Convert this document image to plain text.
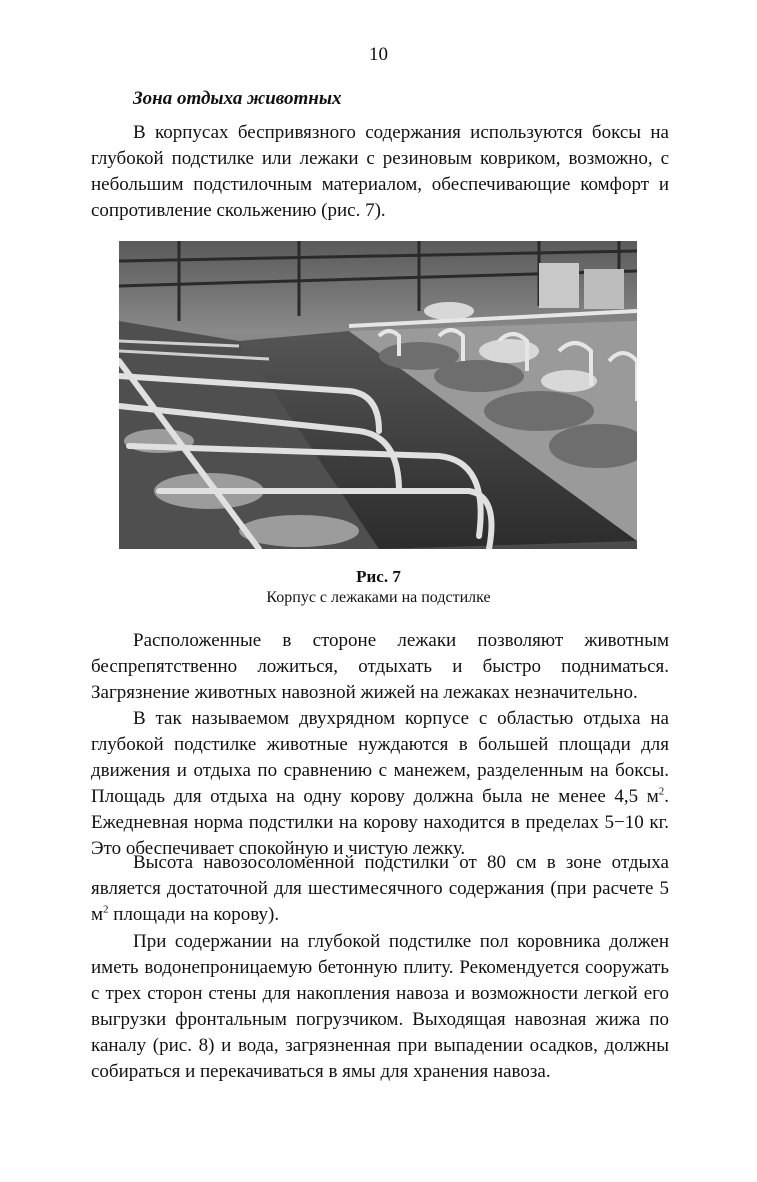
10
Зона отдыха животных

В корпусах беспривязного содержания используются боксы на глубокой подстилке или лежаки с резиновым ковриком, возможно, с небольшим подстилочным материалом, обеспечивающие комфорт и сопротивление скольжению (рис. 7).

Рис. 7
Корпус с лежаками на подстилке

Расположенные в стороне лежаки позволяют животным беспрепятственно ложиться, отдыхать и быстро подниматься. Загрязнение животных навозной жижей на лежаках незначительно.

В так называемом двухрядном корпусе с областью отдыха на глубокой подстилке животные нуждаются в большей площади для движения и отдыха по сравнению с манежем, разделенным на боксы. Площадь для отдыха на одну корову должна была не менее 4,5 $м^2$. Ежедневная норма подстилки на корову находится в пределах 5−10 кг. Это обеспечивает спокойную и чистую лежку.

Высота навозосоломенной подстилки от 80 см в зоне отдыха является достаточной для шестимесячного содержания (при расчете 5 $м^2$ площади на корову).

При содержании на глубокой подстилке пол коровника должен иметь водонепроницаемую бетонную плиту. Рекомендуется сооружать с трех сторон стены для накопления навоза и возможности легкой его выгрузки фронтальным погрузчиком. Выходящая навозная жижа по каналу (рис. 8) и вода, загрязненная при выпадении осадков, должны собираться и перекачиваться в ямы для хранения навоза.
